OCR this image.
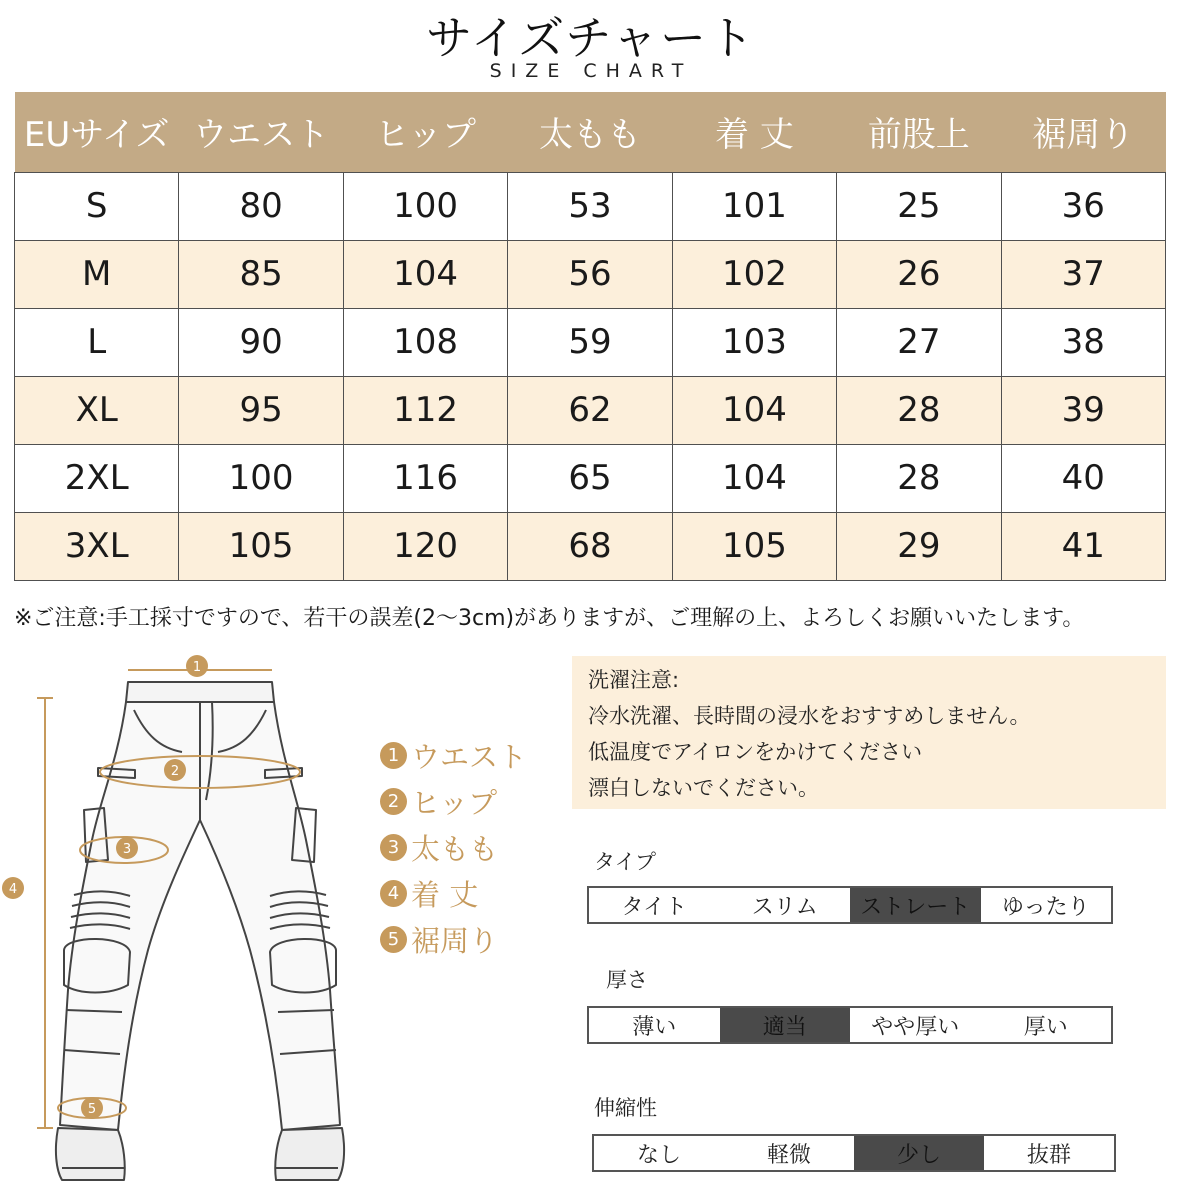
サイズチャート
SIZE CHART
EUサイズ	ウエスト	ヒップ	太もも	着 丈	前股上	裾周り
S	80	100	53	101	25	36
M	85	104	56	102	26	37
L	90	108	59	103	27	38
XL	95	112	62	104	28	39
2XL	100	116	65	104	28	40
3XL	105	120	68	105	29	41
※ご注意:手工採寸ですので、若干の誤差(2〜3cm)がありますが、ご理解の上、よろしくお願いいたします。
1
2
3
4
5
1 ウエスト
2 ヒップ
3 太もも
4 着 丈
5 裾周り
洗濯注意:
冷水洗濯、長時間の浸水をおすすめしません。
低温度でアイロンをかけてください
漂白しないでください。
タイプ
タイト	スリム	ストレート	ゆったり
厚さ
薄い	適当	やや厚い	厚い
伸縮性
なし	軽微	少し	抜群
